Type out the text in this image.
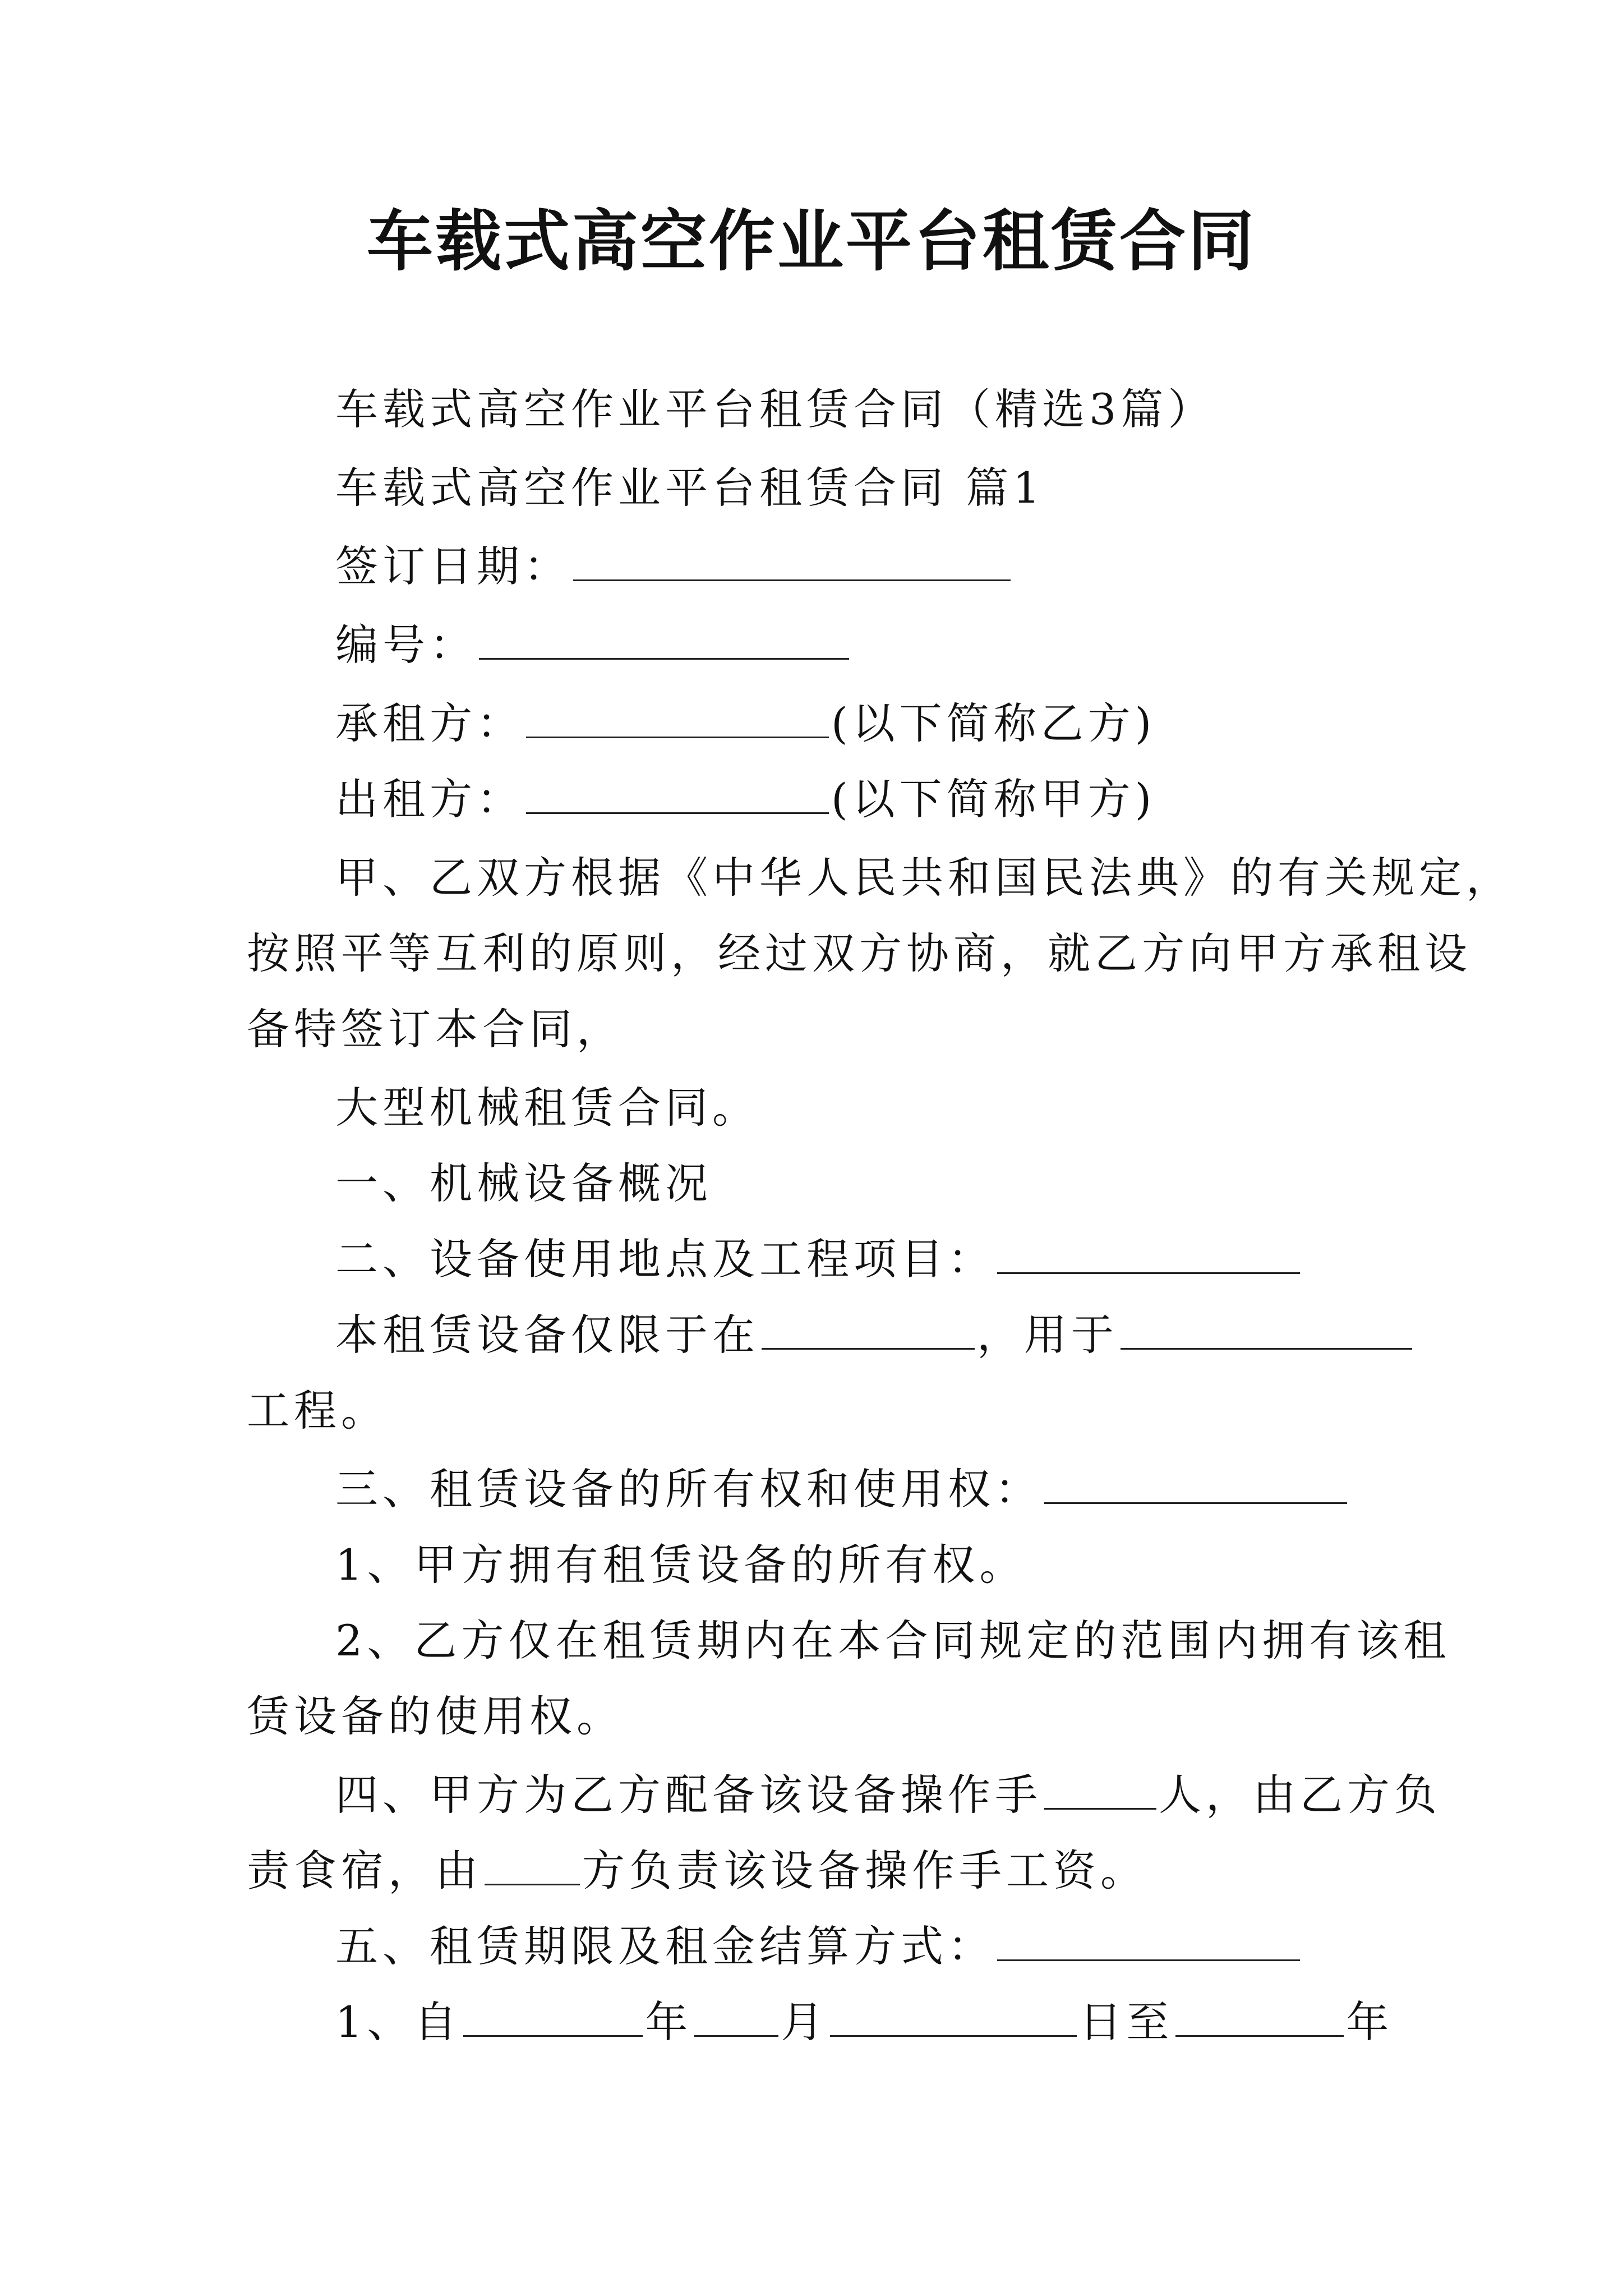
车载式高空作业平台租赁合同
车载式高空作业平台租赁合同（精选3篇）
车载式高空作业平台租赁合同 篇1
签订日期：
编号：
承租方：	(以下简称乙方)
出租方：	(以下简称甲方)
甲、乙双方根据《中华人民共和国民法典》的有关规定，
按照平等互利的原则，经过双方协商，就乙方向甲方承租设
备特签订本合同，
大型机械租赁合同。
一、机械设备概况
二、设备使用地点及工程项目：
本租赁设备仅限于在	，用于
工程。
三、租赁设备的所有权和使用权：
1、甲方拥有租赁设备的所有权。
2、乙方仅在租赁期内在本合同规定的范围内拥有该租
赁设备的使用权。
四、甲方为乙方配备该设备操作手	人，由乙方负
责食宿，由 方负责该设备操作手工资。
五、租赁期限及租金结算方式：
1、自	年 月	日至	年
